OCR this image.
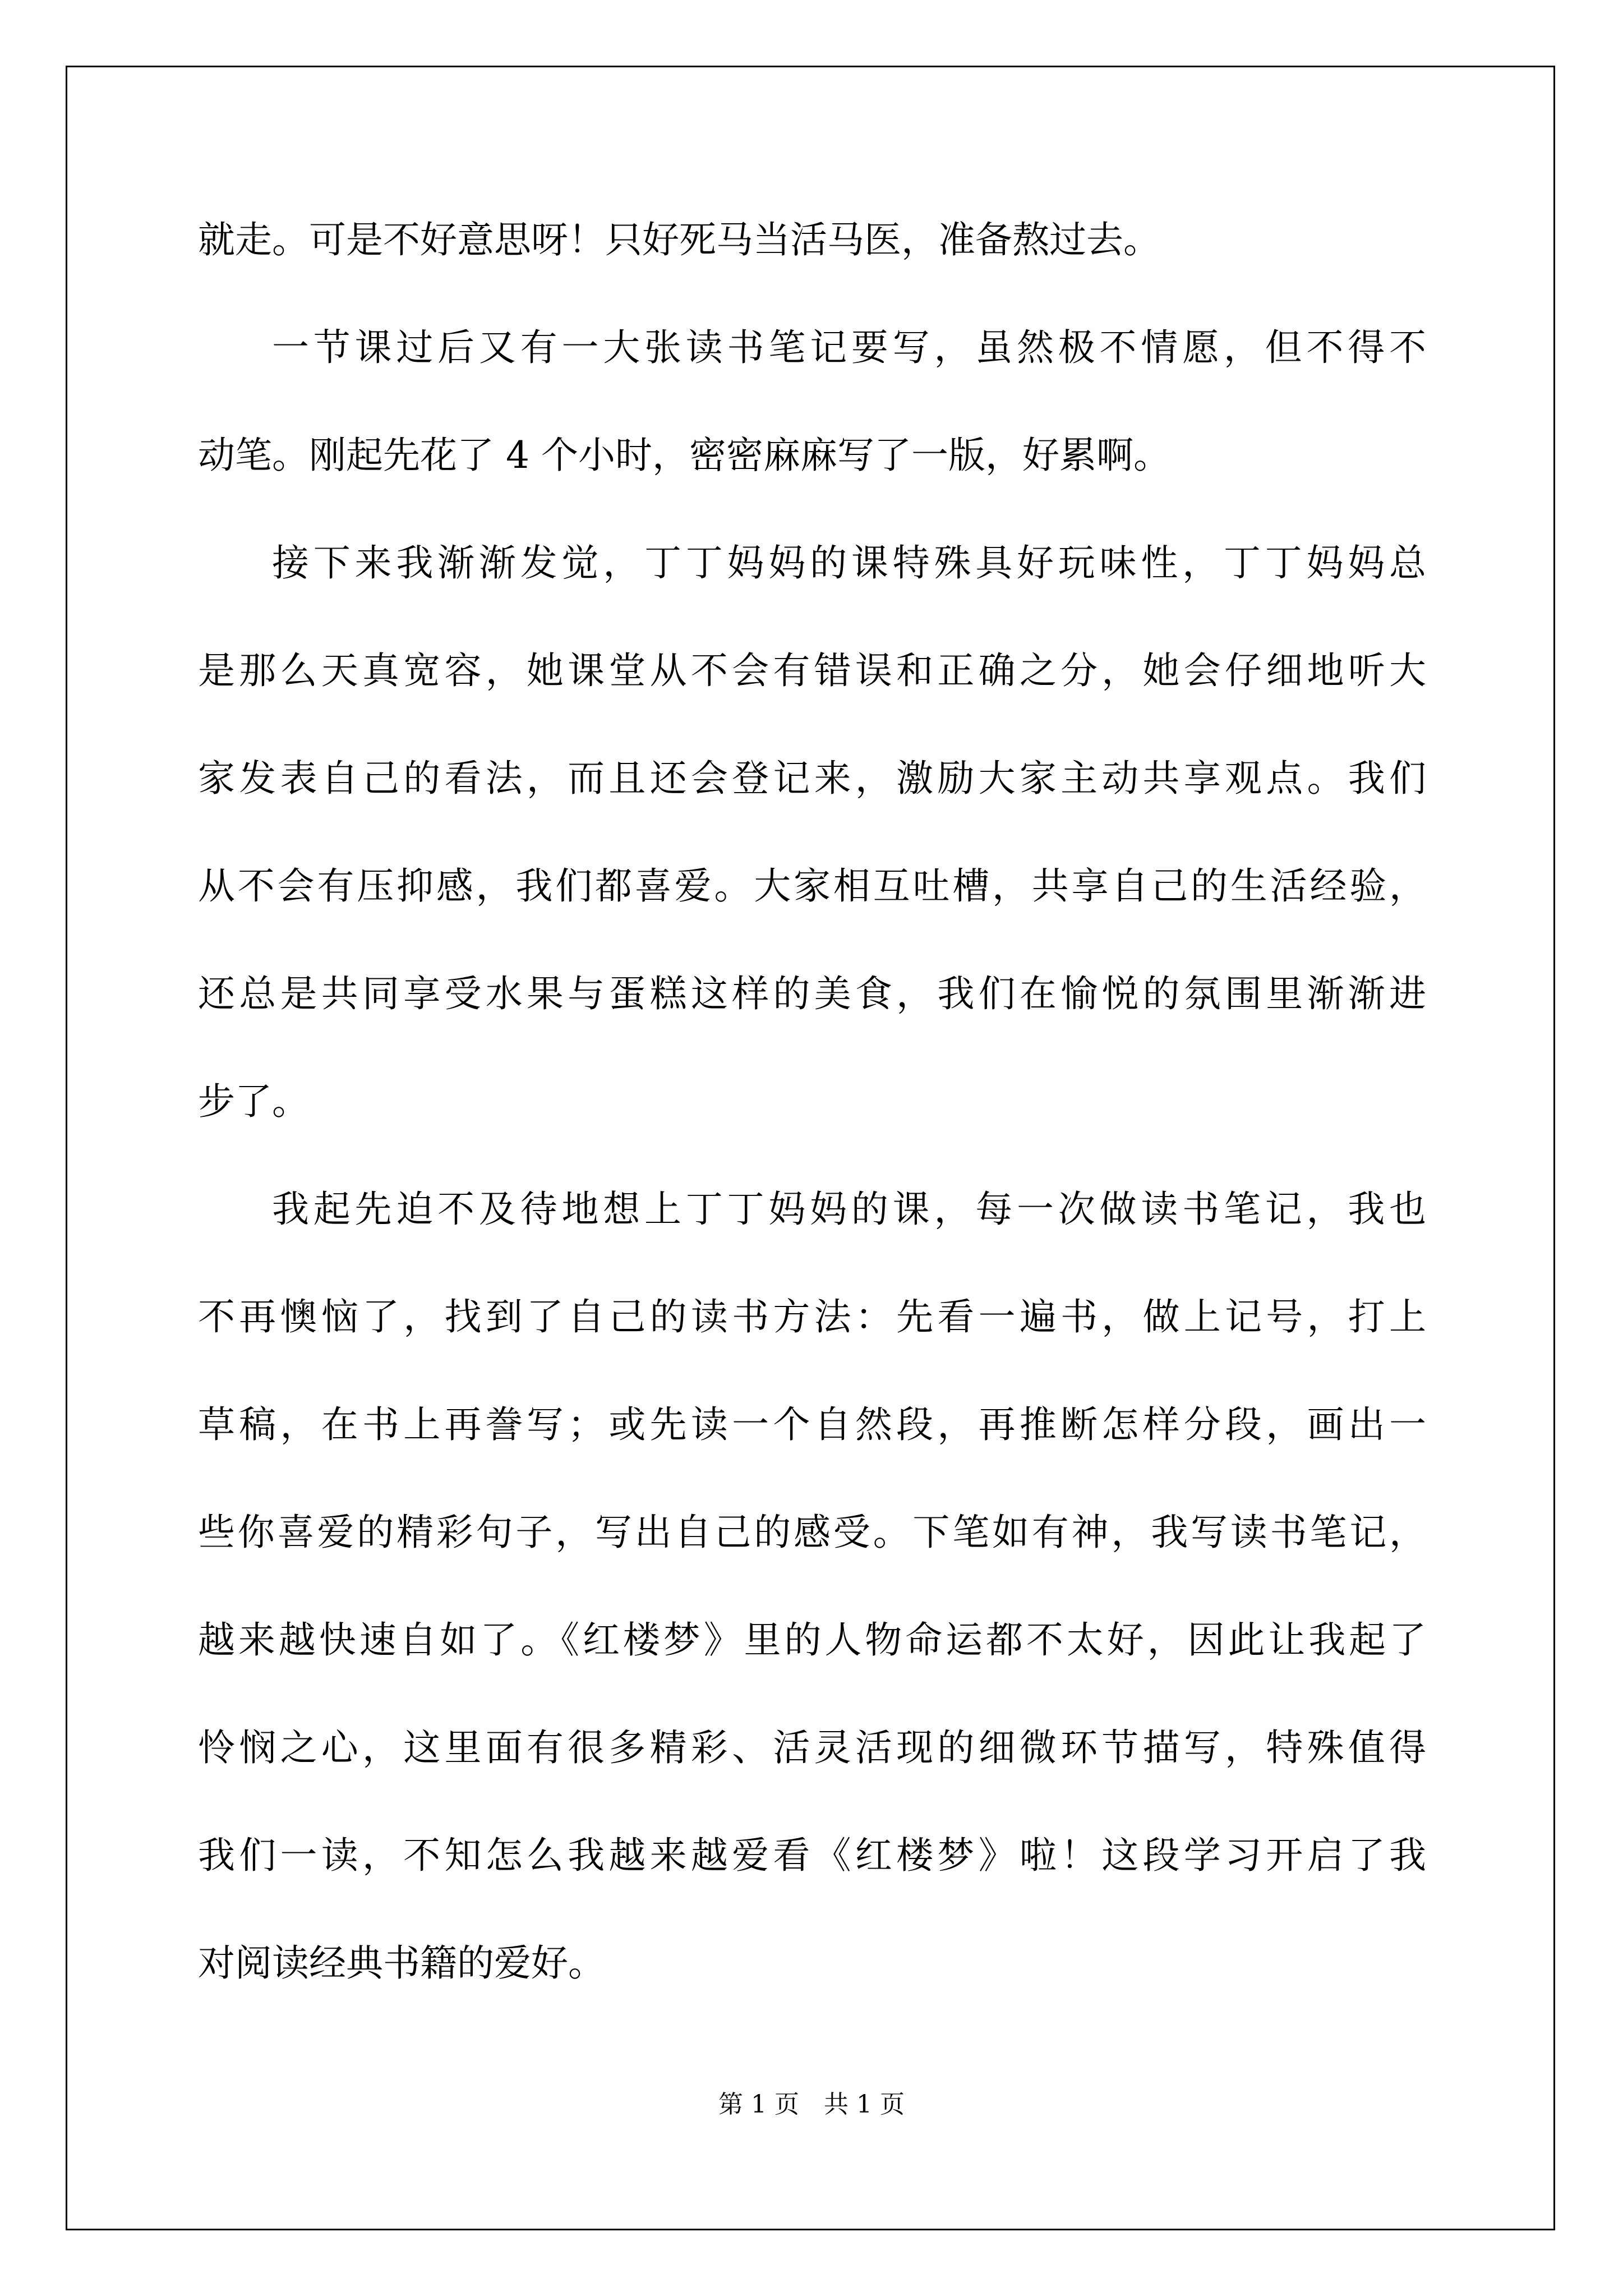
就走。可是不好意思呀！只好死马当活马医，准备熬过去。
一节课过后又有一大张读书笔记要写，虽然极不情愿，但不得不
动笔。刚起先花了 4 个小时，密密麻麻写了一版，好累啊。
接下来我渐渐发觉，丁丁妈妈的课特殊具好玩味性，丁丁妈妈总
是那么天真宽容，她课堂从不会有错误和正确之分，她会仔细地听大
家发表自己的看法，而且还会登记来，激励大家主动共享观点。我们
从不会有压抑感，我们都喜爱。大家相互吐槽，共享自己的生活经验，
还总是共同享受水果与蛋糕这样的美食，我们在愉悦的氛围里渐渐进
步了。
我起先迫不及待地想上丁丁妈妈的课，每一次做读书笔记，我也
不再懊恼了，找到了自己的读书方法：先看一遍书，做上记号，打上
草稿，在书上再誊写；或先读一个自然段，再推断怎样分段，画出一
些你喜爱的精彩句子，写出自己的感受。下笔如有神，我写读书笔记，
越来越快速自如了。《红楼梦》里的人物命运都不太好，因此让我起了
怜悯之心，这里面有很多精彩、活灵活现的细微环节描写，特殊值得
我们一读，不知怎么我越来越爱看《红楼梦》啦！这段学习开启了我
对阅读经典书籍的爱好。
第 1 页 共 1 页
